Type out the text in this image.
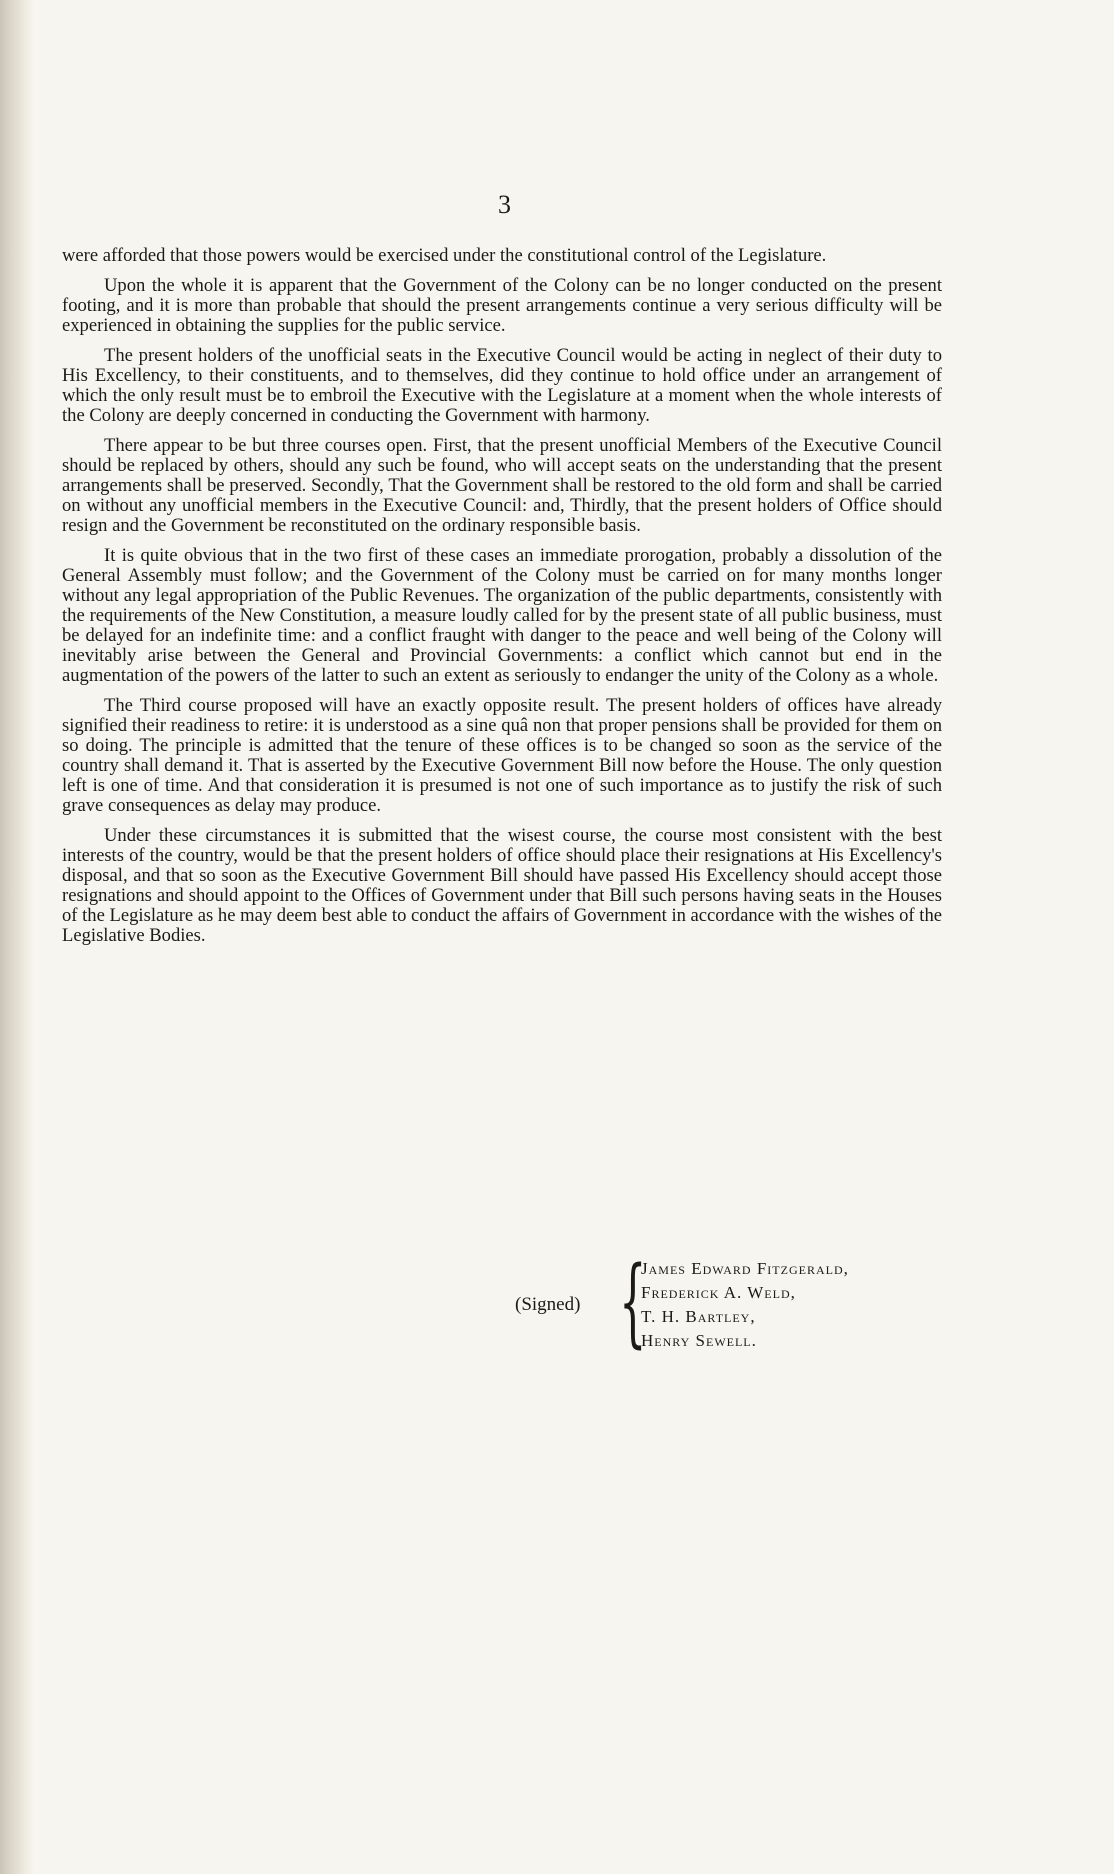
3

were afforded that those powers would be exercised under the constitutional control of the Legislature.

Upon the whole it is apparent that the Government of the Colony can be no longer conducted on the present footing, and it is more than probable that should the present arrangements continue a very serious difficulty will be experienced in obtaining the supplies for the public service.

The present holders of the unofficial seats in the Executive Council would be acting in neglect of their duty to His Excellency, to their constituents, and to themselves, did they continue to hold office under an arrangement of which the only result must be to embroil the Executive with the Legislature at a moment when the whole interests of the Colony are deeply concerned in conducting the Government with harmony.

There appear to be but three courses open. First, that the present unofficial Members of the Executive Council should be replaced by others, should any such be found, who will accept seats on the understanding that the present arrangements shall be preserved. Secondly, That the Government shall be restored to the old form and shall be carried on without any unofficial members in the Executive Council: and, Thirdly, that the present holders of Office should resign and the Government be reconstituted on the ordinary responsible basis.

It is quite obvious that in the two first of these cases an immediate prorogation, probably a dissolution of the General Assembly must follow; and the Government of the Colony must be carried on for many months longer without any legal appropriation of the Public Revenues. The organization of the public departments, consistently with the requirements of the New Constitution, a measure loudly called for by the present state of all public business, must be delayed for an indefinite time: and a conflict fraught with danger to the peace and well being of the Colony will inevitably arise between the General and Provincial Governments: a conflict which cannot but end in the augmentation of the powers of the latter to such an extent as seriously to endanger the unity of the Colony as a whole.

The Third course proposed will have an exactly opposite result. The present holders of offices have already signified their readiness to retire: it is understood as a sine quâ non that proper pensions shall be provided for them on so doing. The principle is admitted that the tenure of these offices is to be changed so soon as the service of the country shall demand it. That is asserted by the Executive Government Bill now before the House. The only question left is one of time. And that consideration it is presumed is not one of such importance as to justify the risk of such grave consequences as delay may produce.

Under these circumstances it is submitted that the wisest course, the course most consistent with the best interests of the country, would be that the present holders of office should place their resignations at His Excellency's disposal, and that so soon as the Executive Government Bill should have passed His Excellency should accept those resignations and should appoint to the Offices of Government under that Bill such persons having seats in the Houses of the Legislature as he may deem best able to conduct the affairs of Government in accordance with the wishes of the Legislative Bodies.

(Signed) {
James Edward Fitzgerald,
Frederick A. Weld,
T. H. Bartley,
Henry Sewell.
